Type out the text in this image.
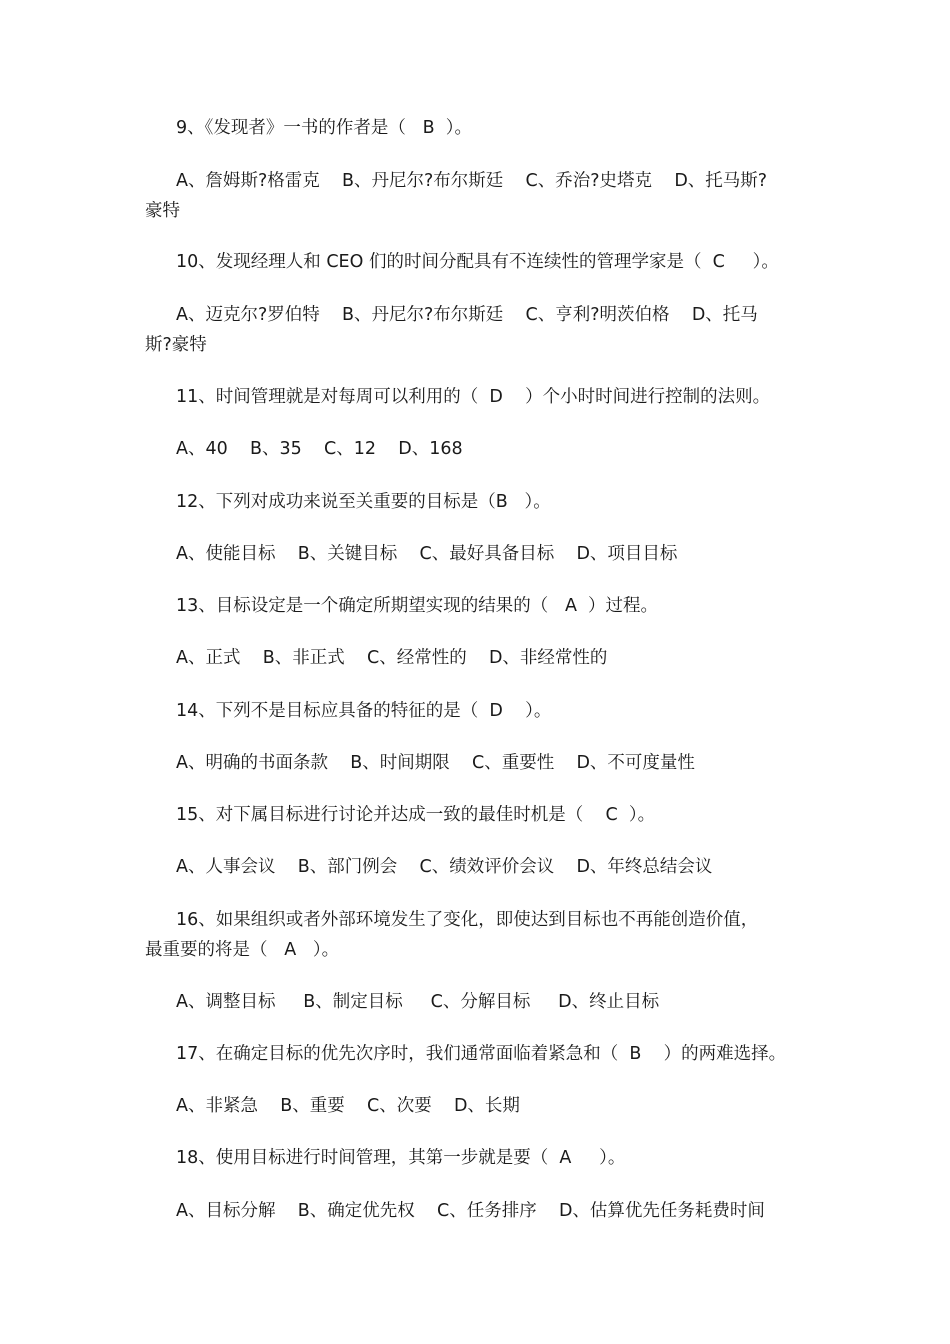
9、《发现者》一书的作者是（   B  ）。

A、詹姆斯?格雷克    B、丹尼尔?布尔斯廷    C、乔治?史塔克    D、托马斯?

豪特

10、发现经理人和 CEO 们的时间分配具有不连续性的管理学家是（  C     ）。

A、迈克尔?罗伯特    B、丹尼尔?布尔斯廷    C、亨利?明茨伯格    D、托马

斯?豪特

11、时间管理就是对每周可以利用的（  D    ）个小时时间进行控制的法则。

A、40    B、35    C、12    D、168

12、下列对成功来说至关重要的目标是（B   ）。

A、使能目标    B、关键目标    C、最好具备目标    D、项目目标

13、目标设定是一个确定所期望实现的结果的（   A  ）过程。

A、正式    B、非正式    C、经常性的    D、非经常性的

14、下列不是目标应具备的特征的是（  D    ）。

A、明确的书面条款    B、时间期限    C、重要性    D、不可度量性

15、对下属目标进行讨论并达成一致的最佳时机是（    C  ）。

A、人事会议    B、部门例会    C、绩效评价会议    D、年终总结会议

16、如果组织或者外部环境发生了变化，即使达到目标也不再能创造价值，

最重要的将是（   A   ）。

A、调整目标     B、制定目标     C、分解目标     D、终止目标

17、在确定目标的优先次序时，我们通常面临着紧急和（  B    ）的两难选择。

A、非紧急    B、重要    C、次要    D、长期

18、使用目标进行时间管理，其第一步就是要（  A     ）。

A、目标分解    B、确定优先权    C、任务排序    D、估算优先任务耗费时间
